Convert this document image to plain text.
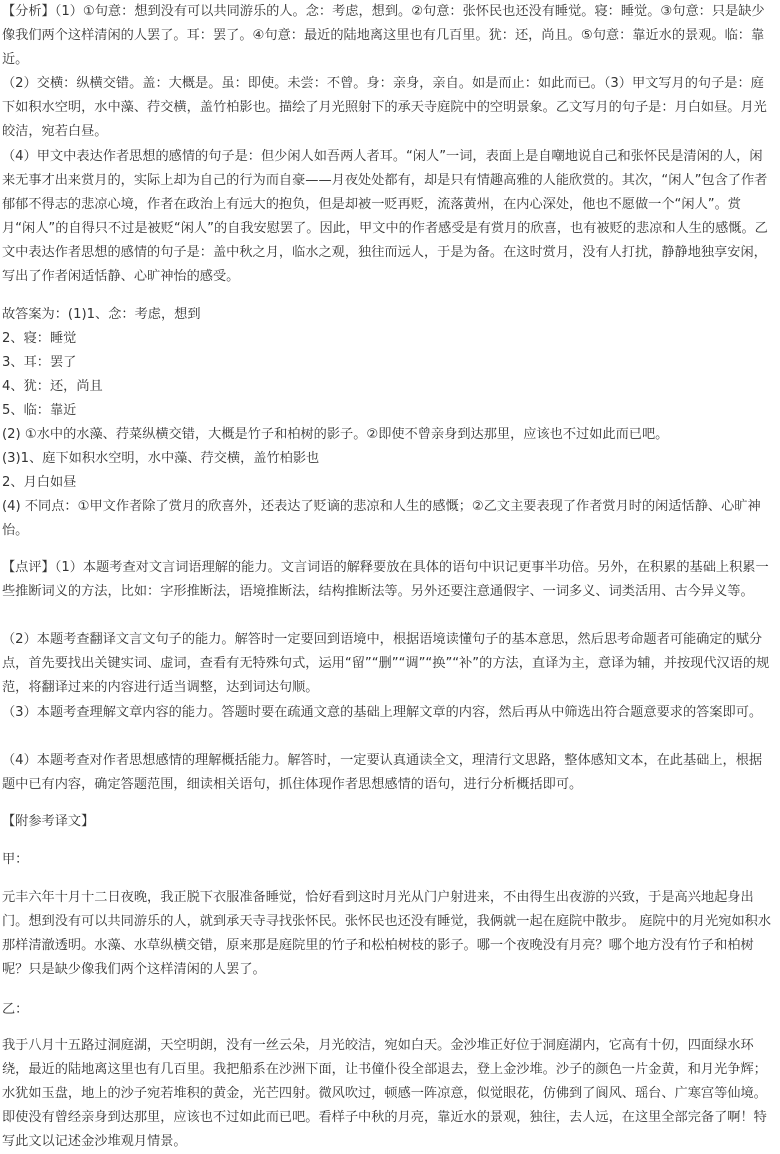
【分析】（1）①句意：想到没有可以共同游乐的人。念：考虑，想到。②句意：张怀民也还没有睡觉。寝：睡觉。③句意：只是缺少像我们两个这样清闲的人罢了。耳：罢了。④句意：最近的陆地离这里也有几百里。犹：还，尚且。⑤句意：靠近水的景观。临：靠近。

（2）交横：纵横交错。盖：大概是。虽：即使。未尝：不曾。身：亲身，亲自。如是而止：如此而已。（3）甲文写月的句子是：庭下如积水空明，水中藻、荇交横，盖竹柏影也。描绘了月光照射下的承天寺庭院中的空明景象。乙文写月的句子是：月白如昼。月光皎洁，宛若白昼。

（4）甲文中表达作者思想的感情的句子是：但少闲人如吾两人者耳。“闲人”一词，表面上是自嘲地说自己和张怀民是清闲的人，闲来无事才出来赏月的，实际上却为自己的行为而自豪——月夜处处都有，却是只有情趣高雅的人能欣赏的。其次，“闲人”包含了作者郁郁不得志的悲凉心境，作者在政治上有远大的抱负，但是却被一贬再贬，流落黄州，在内心深处，他也不愿做一个“闲人”。赏月“闲人”的自得只不过是被贬“闲人”的自我安慰罢了。因此，甲文中的作者感受是有赏月的欣喜，也有被贬的悲凉和人生的感慨。乙文中表达作者思想的感情的句子是：盖中秋之月，临水之观，独往而远人，于是为备。在这时赏月，没有人打扰，静静地独享安闲，写出了作者闲适恬静、心旷神怡的感受。

故答案为：(1)1、念：考虑，想到

2、寝：睡觉

3、耳：罢了

4、犹：还，尚且

5、临：靠近

(2) ①水中的水藻、荇菜纵横交错，大概是竹子和柏树的影子。②即使不曾亲身到达那里，应该也不过如此而已吧。

(3)1、庭下如积水空明，水中藻、荇交横，盖竹柏影也

2、月白如昼

(4) 不同点：①甲文作者除了赏月的欣喜外，还表达了贬谪的悲凉和人生的感慨；②乙文主要表现了作者赏月时的闲适恬静、心旷神怡。

【点评】（1）本题考查对文言词语理解的能力。文言词语的解释要放在具体的语句中识记更事半功倍。另外，在积累的基础上积累一些推断词义的方法，比如：字形推断法，语境推断法，结构推断法等。另外还要注意通假字、一词多义、词类活用、古今异义等。

（2）本题考查翻译文言文句子的能力。解答时一定要回到语境中，根据语境读懂句子的基本意思，然后思考命题者可能确定的赋分点，首先要找出关键实词、虚词，查看有无特殊句式，运用“留”“删”“调”“换”“补”的方法，直译为主，意译为辅，并按现代汉语的规范，将翻译过来的内容进行适当调整，达到词达句顺。

（3）本题考查理解文章内容的能力。答题时要在疏通文意的基础上理解文章的内容，然后再从中筛选出符合题意要求的答案即可。

（4）本题考查对作者思想感情的理解概括能力。解答时，一定要认真通读全文，理清行文思路，整体感知文本，在此基础上，根据题中已有内容，确定答题范围，细读相关语句，抓住体现作者思想感情的语句，进行分析概括即可。

【附参考译文】

甲：

元丰六年十月十二日夜晚，我正脱下衣服准备睡觉，恰好看到这时月光从门户射进来，不由得生出夜游的兴致，于是高兴地起身出门。想到没有可以共同游乐的人，就到承天寺寻找张怀民。张怀民也还没有睡觉，我俩就一起在庭院中散步。 庭院中的月光宛如积水那样清澈透明。水藻、水草纵横交错，原来那是庭院里的竹子和松柏树枝的影子。哪一个夜晚没有月亮？哪个地方没有竹子和柏树呢？只是缺少像我们两个这样清闲的人罢了。

乙：

我于八月十五路过洞庭湖，天空明朗，没有一丝云朵，月光皎洁，宛如白天。金沙堆正好位于洞庭湖内，它高有十仞，四面绿水环绕，最近的陆地离这里也有几百里。我把船系在沙洲下面，让书僮仆役全部退去，登上金沙堆。沙子的颜色一片金黄，和月光争辉；水犹如玉盘，地上的沙子宛若堆积的黄金，光芒四射。微风吹过，顿感一阵凉意，似觉眼花，仿佛到了阆风、瑶台、广寒宫等仙境。即使没有曾经亲身到达那里，应该也不过如此而已吧。看样子中秋的月亮，靠近水的景观，独往，去人远，在这里全部完备了啊！特写此文以记述金沙堆观月情景。
